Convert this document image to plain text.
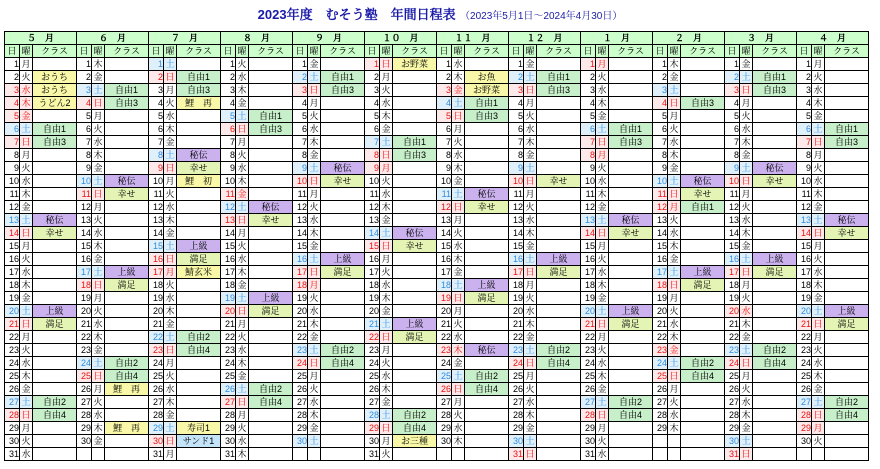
2023年度　むそう塾　年間日程表 （2023年5月1日～2024年4月30日）
５　月			６　月			７　月			８　月			９　月			１０　月			１１　月			１２　月			１　月			２　月			３　月			４　月		
日	曜	クラス	日	曜	クラス	日	曜	クラス	日	曜	クラス	日	曜	クラス	日	曜	クラス	日	曜	クラス	日	曜	クラス	日	曜	クラス	日	曜	クラス	日	曜	クラス	日	曜	クラス
1	月		1	木		1	土		1	火		1	金		1	日	お野菜	1	水		1	金		1	月		1	木		1	金		1	月	
2	火	おうち	2	金		2	日	自由1	2	水		2	土	自由1	2	月		2	木	お魚	2	土	自由1	2	火		2	金		2	土	自由1	2	火	
3	水	おうち	3	土	自由1	3	月	自由3	3	木		3	日	自由3	3	火		3	金	お野菜	3	日	自由3	3	水		3	土		3	日	自由3	3	水	
4	木	うどん2	4	日	自由3	4	火	鯉　再	4	金		4	月		4	水		4	土	自由1	4	月		4	木		4	日	自由3	4	月		4	木	
5	金		5	月		5	水		5	土	自由1	5	火		5	木		5	日	自由3	5	火		5	金		5	月		5	火		5	金	
6	土	自由1	6	火		6	木		6	日	自由3	6	水		6	金		6	月		6	水		6	土	自由1	6	火		6	水		6	土	自由1
7	日	自由3	7	水		7	金		7	月		7	木		7	土	自由1	7	火		7	木		7	日	自由3	7	水		7	木		7	日	自由3
8	月		8	木		8	土	秘伝	8	火		8	金		8	日	自由3	8	水		8	金		8	月		8	木		8	金		8	月	
9	火		9	金		9	日	幸せ	9	水		9	土	秘伝	9	月		9	木		9	土		9	火		9	金		9	土	秘伝	9	火	
10	水		10	土	秘伝	10	月	鯉　初	10	木		10	日	幸せ	10	火		10	金		10	日	幸せ	10	水		10	土	秘伝	10	日	幸せ	10	水	
11	木		11	日	幸せ	11	火		11	金		11	月		11	水		11	土	秘伝	11	月		11	木		11	日	幸せ	11	月		11	木	
12	金		12	月		12	水		12	土	秘伝	12	火		12	木		12	日	幸せ	12	火		12	金		12	月	自由1	12	火		12	金	
13	土	秘伝	13	火		13	木		13	日	幸せ	13	水		13	金		13	月		13	水		13	土	秘伝	13	火		13	水		13	土	秘伝
14	日	幸せ	14	水		14	金		14	月		14	木		14	土	秘伝	14	火		14	木		14	日	幸せ	14	水		14	木		14	日	幸せ
15	月		15	木		15	土	上級	15	火		15	金		15	日	幸せ	15	水		15	金		15	月		15	木		15	金		15	月	
16	火		16	金		16	日	満足	16	水		16	土	上級	16	月		16	木		16	土	上級	16	火		16	金		16	土	上級	16	火	
17	水		17	土	上級	17	月	鯖玄米	17	木		17	日	満足	17	火		17	金		17	日	満足	17	水		17	土	上級	17	日	満足	17	水	
18	木		18	日	満足	18	火		18	金		18	月		18	水		18	土	上級	18	月		18	木		18	日	満足	18	月		18	木	
19	金		19	月		19	水		19	土	上級	19	火		19	木		19	日	満足	19	火		19	金		19	月		19	火		19	金	
20	土	上級	20	火		20	木		20	日	満足	20	水		20	金		20	月		20	水		20	土	上級	20	火		20	水		20	土	上級
21	日	満足	21	水		21	金		21	月		21	木		21	土	上級	21	火		21	木		21	日	満足	21	水		21	木		21	日	満足
22	月		22	木		22	土	自由2	22	火		22	金		22	日	満足	22	水		22	金		22	月		22	木		22	金		22	月	
23	火		23	金		23	日	自由4	23	水		23	土	自由2	23	月		23	木	秘伝	23	土	自由2	23	火		23	金		23	土	自由2	23	火	
24	水		24	土	自由2	24	月		24	木		24	日	自由4	24	火		24	金		24	日	自由4	24	水		24	土	自由2	24	日	自由4	24	水	
25	木		25	日	自由4	25	火		25	金		25	月		25	水		25	土	自由2	25	月		25	木		25	日	自由4	25	月		25	木	
26	金		26	月	鯉　再	26	水		26	土	自由2	26	火		26	木		26	日	自由4	26	火		26	金		26	月		26	火		26	金	
27	土	自由2	27	火		27	木		27	日	自由4	27	水		27	金		27	月		27	水		27	土	自由2	27	火		27	水		27	土	自由2
28	日	自由4	28	水		28	金		28	月		28	木		28	土	自由2	28	火		28	木		28	日	自由4	28	水		28	木		28	日	自由4
29	月		29	木	鯉　再	29	土	寿司1	29	火		29	金		29	日	自由4	29	水		29	金		29	月		29	木		29	金		29	月	
30	火		30	金		30	日	サンド1	30	水		30	土		30	月	お三種	30	木		30	土		30	火					30	土		30	火	
31	水					31	月		31	木					31	火					31	日		31	水					31	日				
